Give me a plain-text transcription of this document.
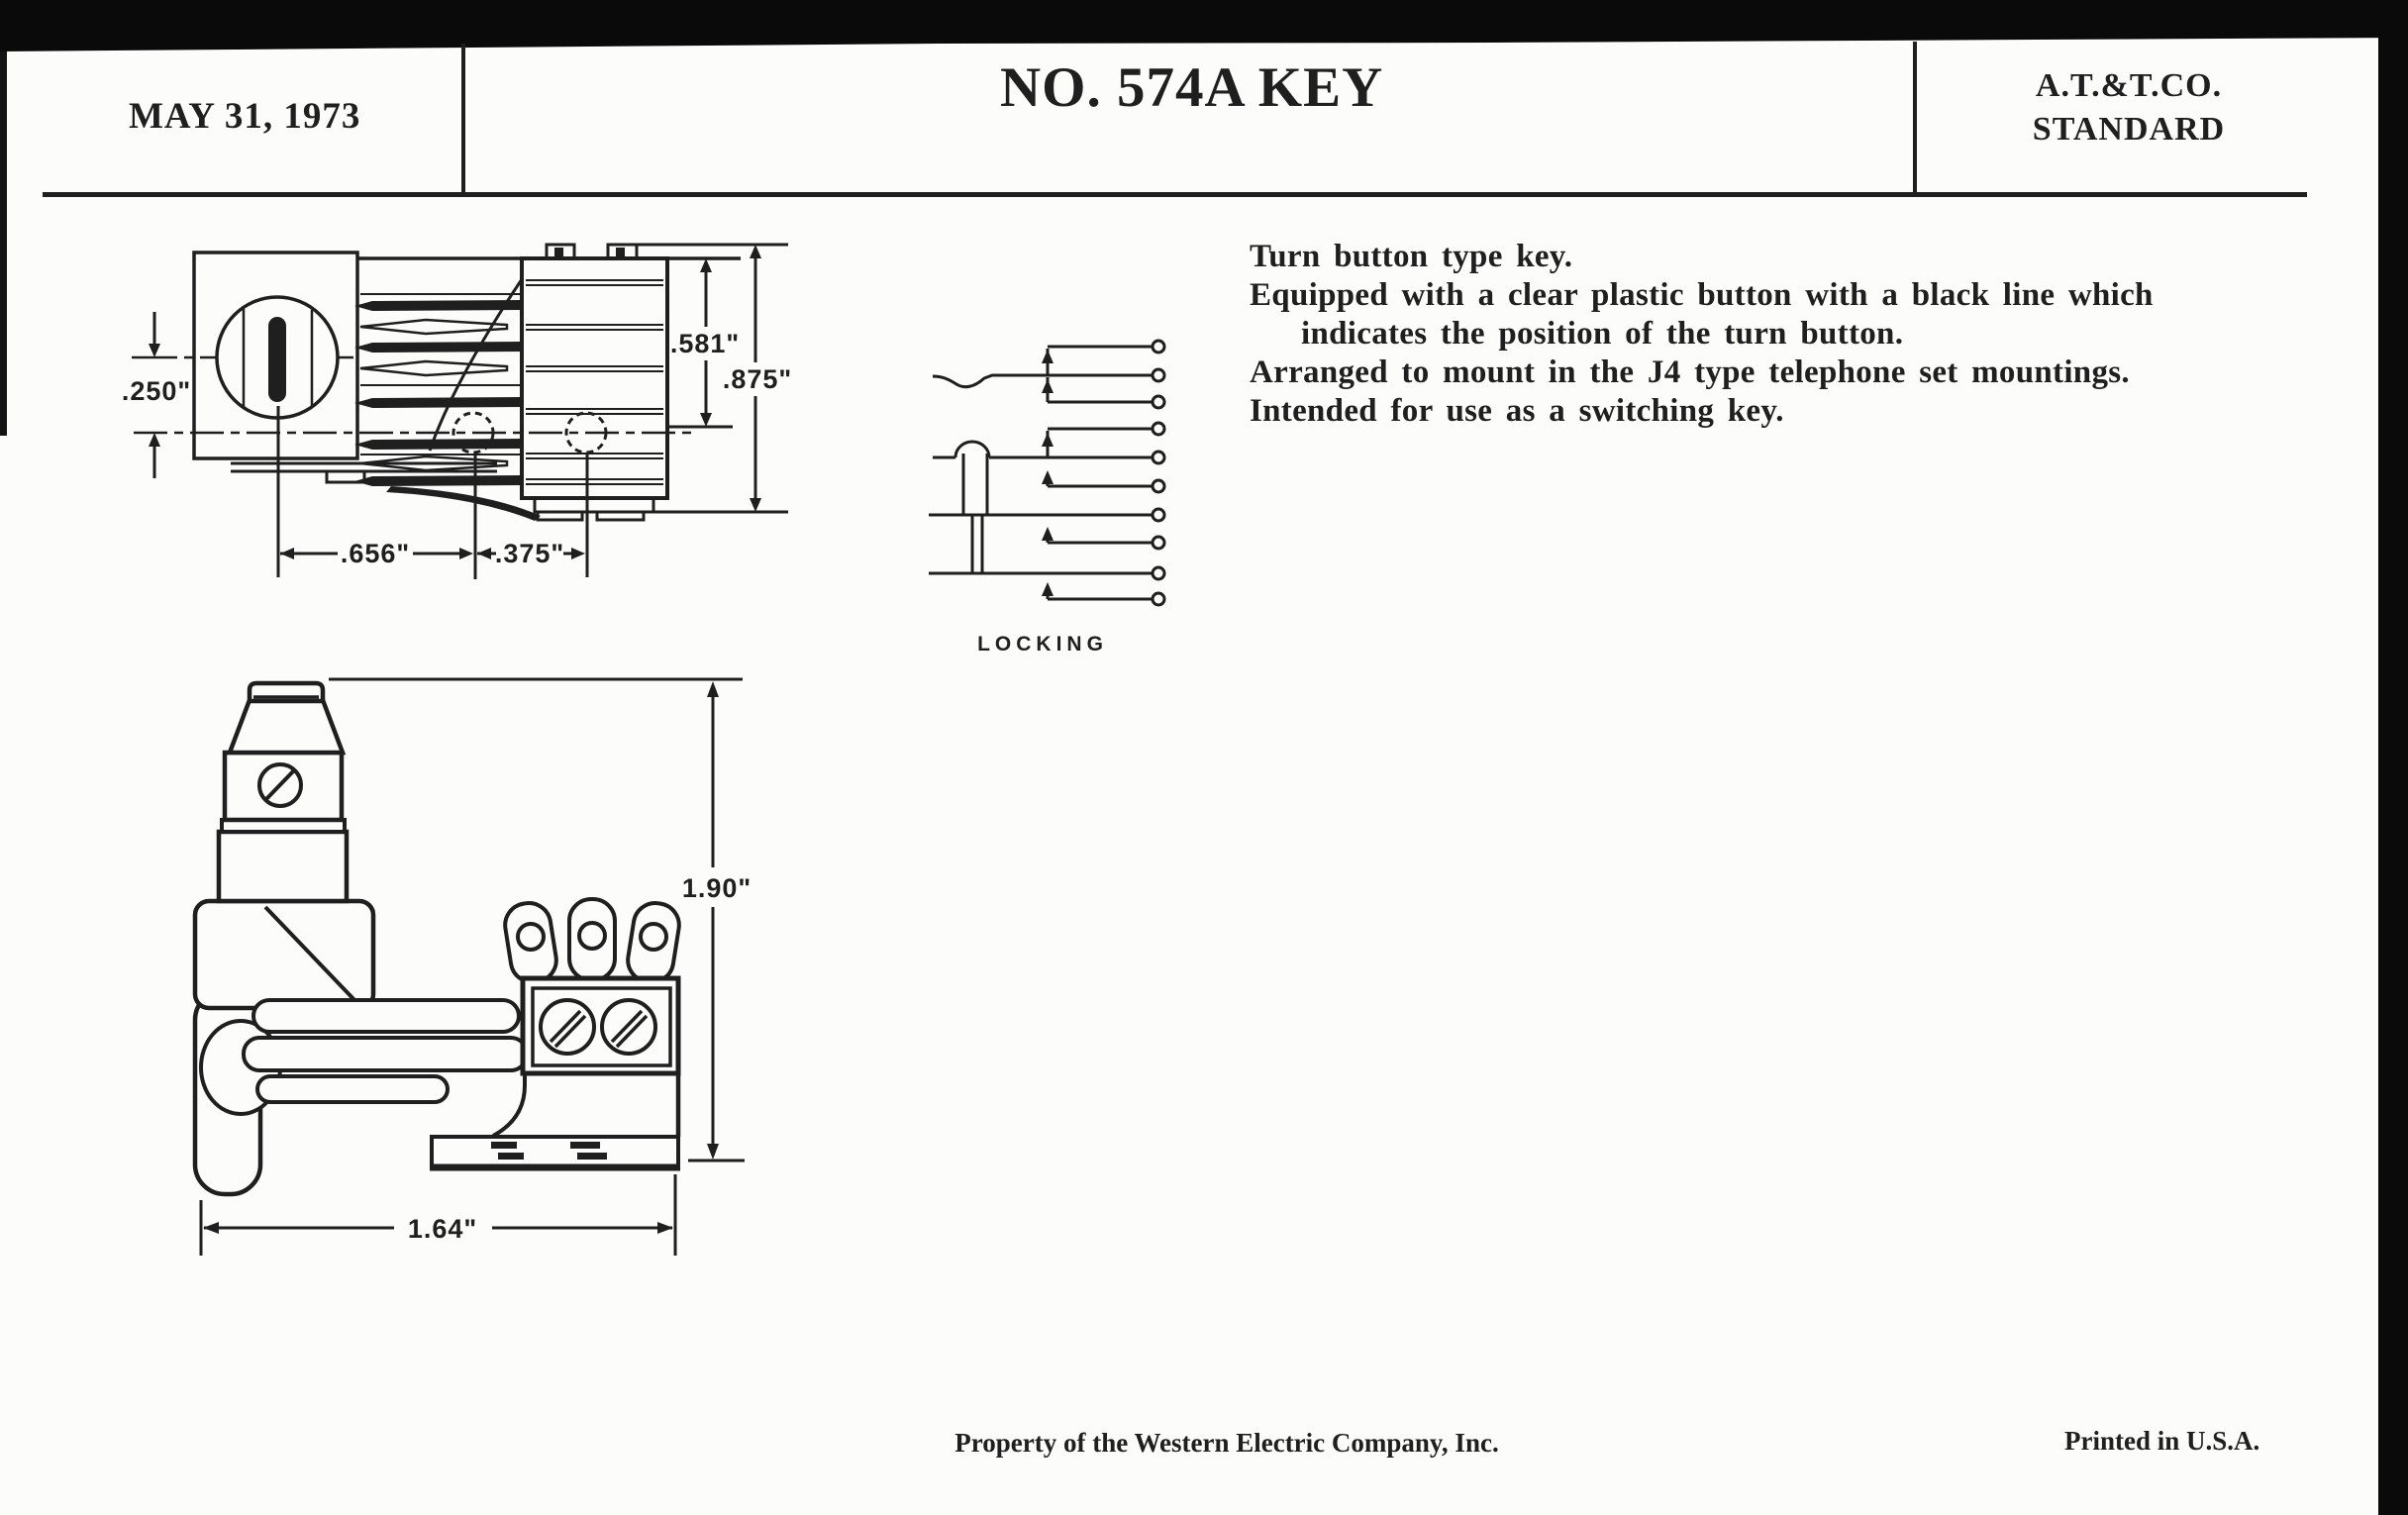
MAY 31, 1973	NO. 574A KEY	A.T.&T.CO.
STANDARD
Turn button type key.
Equipped with a clear plastic button with a black line which
indicates the position of the turn button.
Arranged to mount in the J4 type telephone set mountings.
Intended for use as a switching key.
.250"
.581"
.875"
.656"	.375"
LOCKING
1.90"
1.64"
Property of the Western Electric Company, Inc.	Printed in U.S.A.
